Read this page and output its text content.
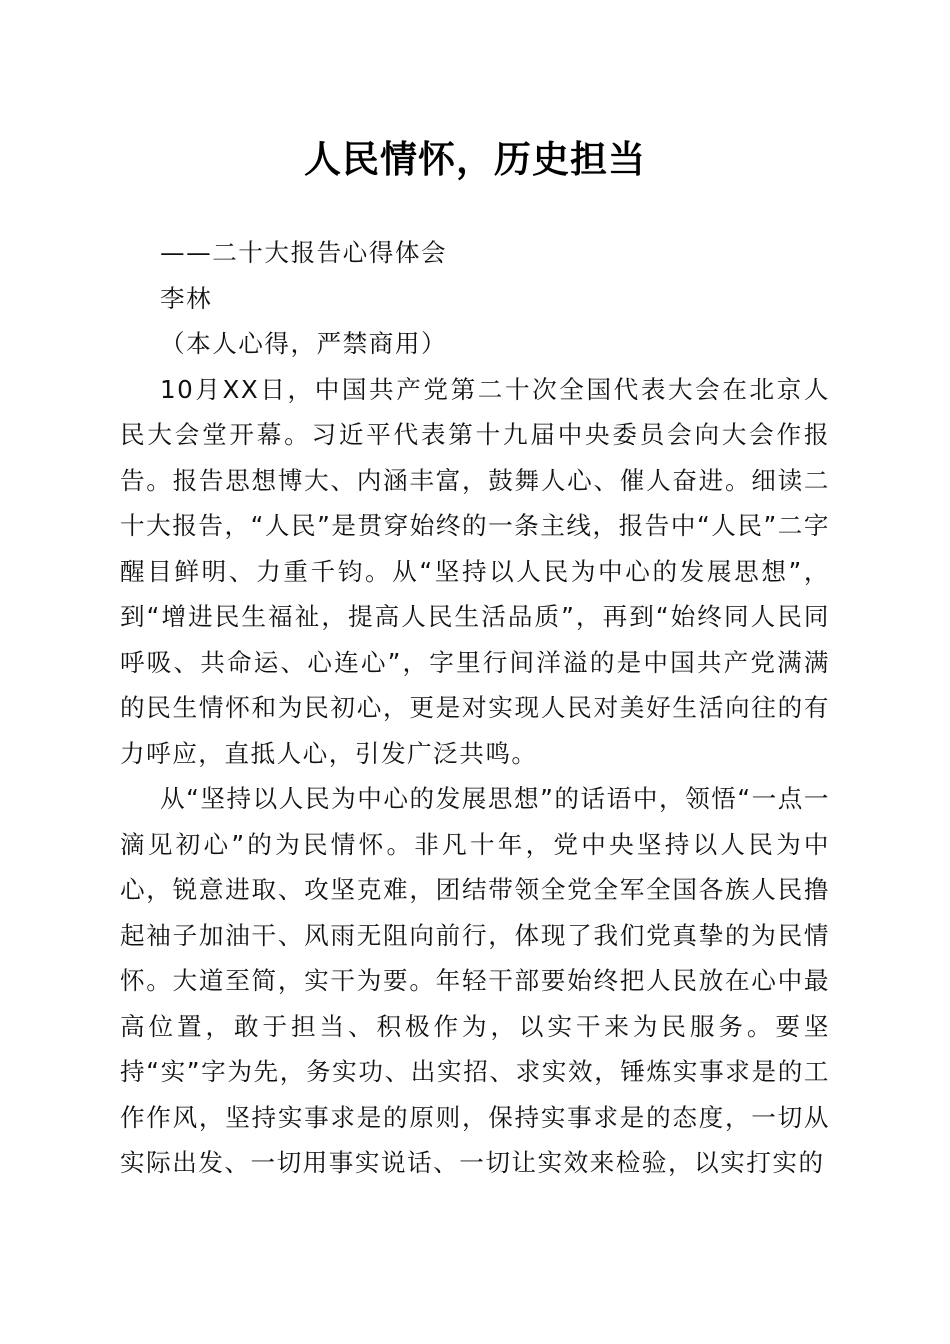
人民情怀，历史担当

——二十大报告心得体会

李林

（本人心得，严禁商用）

10月XX日，中国共产党第二十次全国代表大会在北京人民大会堂开幕。习近平代表第十九届中央委员会向大会作报告。报告思想博大、内涵丰富，鼓舞人心、催人奋进。细读二十大报告，“人民”是贯穿始终的一条主线，报告中“人民”二字醒目鲜明、力重千钧。从“坚持以人民为中心的发展思想”，到“增进民生福祉，提高人民生活品质”，再到“始终同人民同呼吸、共命运、心连心”，字里行间洋溢的是中国共产党满满的民生情怀和为民初心，更是对实现人民对美好生活向往的有力呼应，直抵人心，引发广泛共鸣。

从“坚持以人民为中心的发展思想”的话语中，领悟“一点一滴见初心”的为民情怀。非凡十年，党中央坚持以人民为中心，锐意进取、攻坚克难，团结带领全党全军全国各族人民撸起袖子加油干、风雨无阻向前行，体现了我们党真挚的为民情怀。大道至简，实干为要。年轻干部要始终把人民放在心中最高位置，敢于担当、积极作为，以实干来为民服务。要坚持“实”字为先，务实功、出实招、求实效，锤炼实事求是的工作作风，坚持实事求是的原则，保持实事求是的态度，一切从实际出发、一切用事实说话、一切让实效来检验，以实打实的
